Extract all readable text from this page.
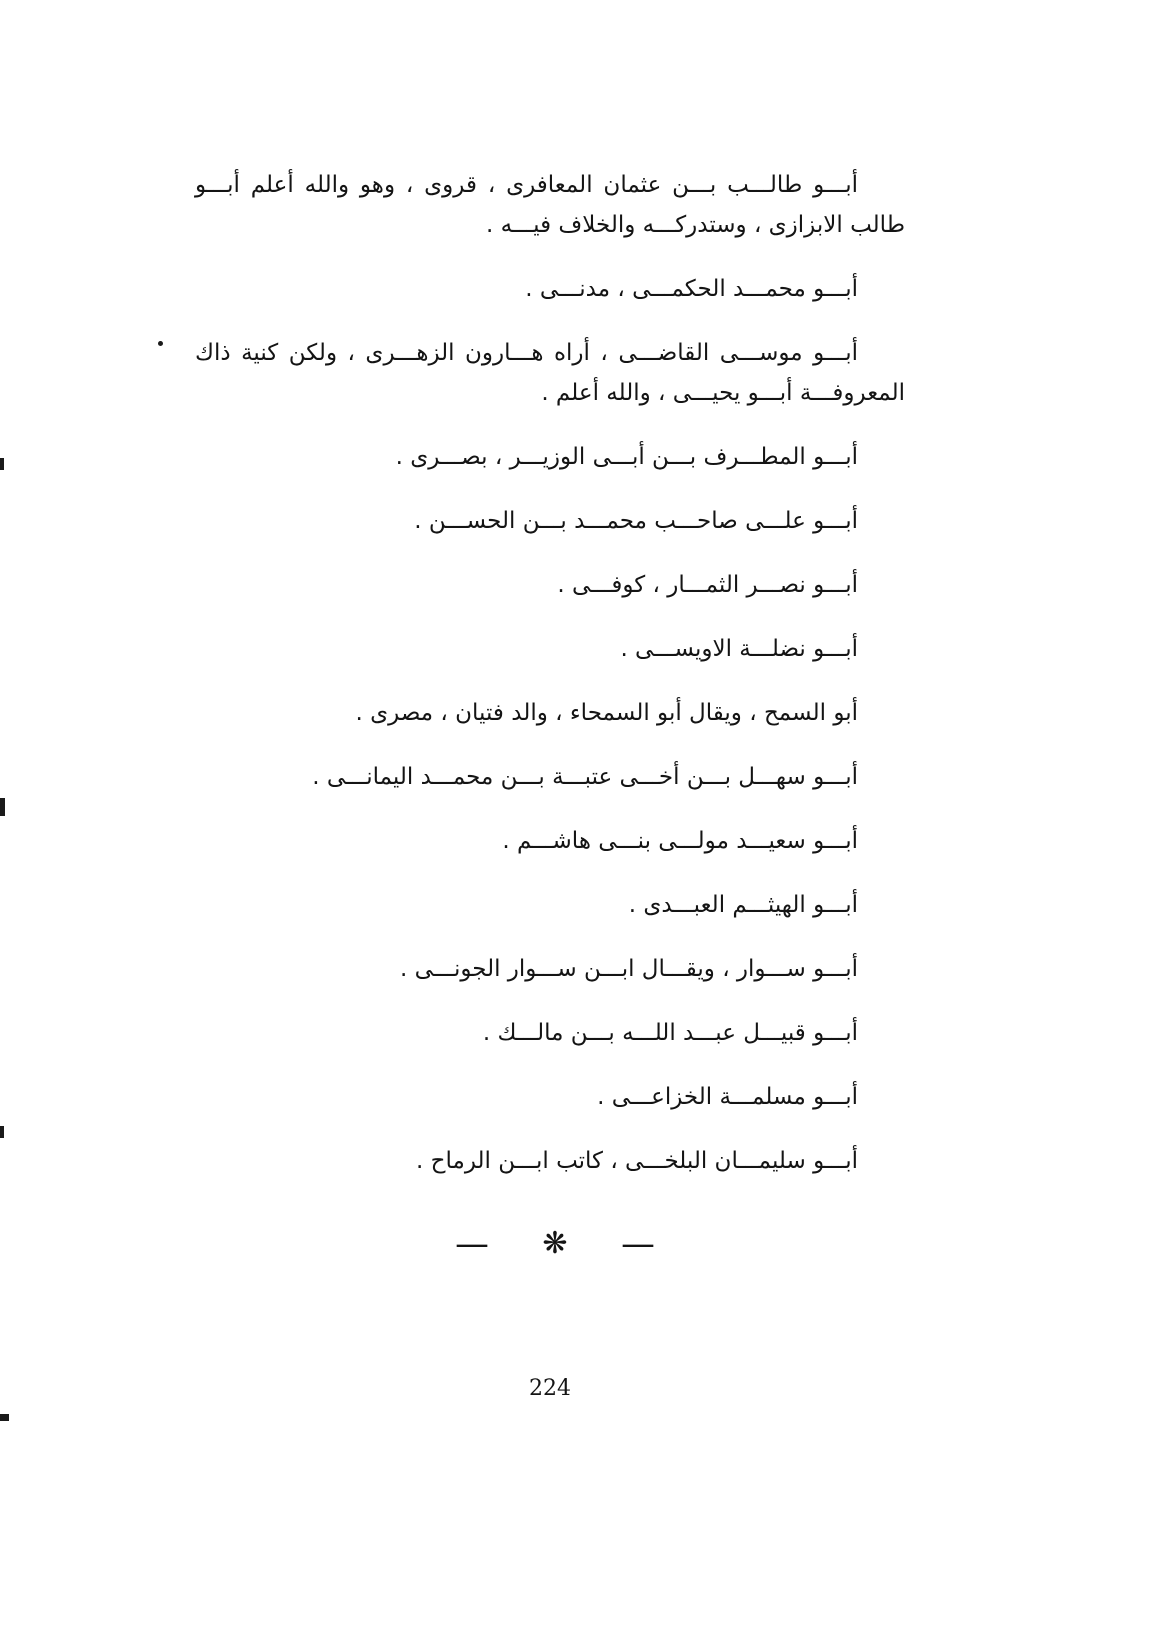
أبـــو طالـــب بـــن عثمان المعافرى ، قروى ، وهو والله أعلم أبـــو
طالب الابزازى ، وستدركـــه والخلاف فيـــه .
أبـــو محمـــد الحكمـــى ، مدنـــى .
أبـــو موســـى القاضـــى ، أراه هـــارون الزهـــرى ، ولكن كنية ذاك
المعروفـــة أبـــو يحيـــى ، والله أعلم .
أبـــو المطـــرف بـــن أبـــى الوزيـــر ، بصـــرى .
أبـــو علـــى صاحـــب محمـــد بـــن الحســـن .
أبـــو نصـــر الثمـــار ، كوفـــى .
أبـــو نضلـــة الاويســـى .
أبو السمح ، ويقال أبو السمحاء ، والد فتيان ، مصرى .
أبـــو سهـــل بـــن أخـــى عتبـــة بـــن محمـــد اليمانـــى .
أبـــو سعيـــد مولـــى بنـــى هاشـــم .
أبـــو الهيثـــم العبـــدى .
أبـــو ســـوار ، ويقـــال ابـــن ســـوار الجونـــى .
أبـــو قبيـــل عبـــد اللـــه بـــن مالـــك .
أبـــو مسلمـــة الخزاعـــى .
أبـــو سليمـــان البلخـــى ، كاتب ابـــن الرماح .
— ❋ —
224
